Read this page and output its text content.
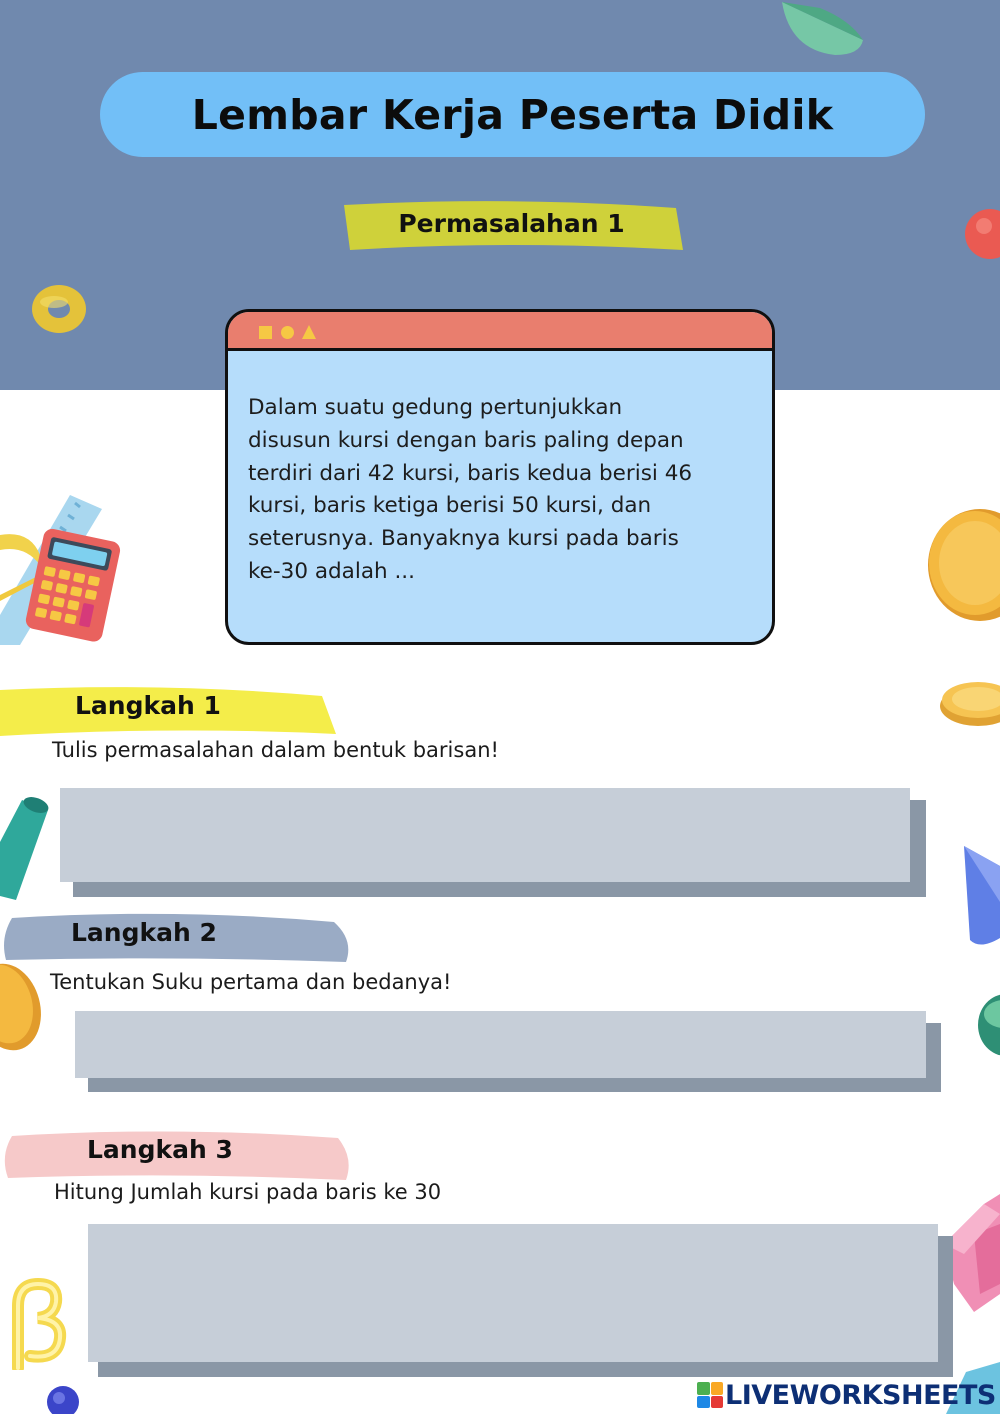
Lembar Kerja Peserta Didik
Permasalahan 1
Dalam suatu gedung pertunjukkan
disusun kursi dengan baris paling depan
terdiri dari 42 kursi, baris kedua berisi 46
kursi, baris ketiga berisi 50 kursi, dan
seterusnya. Banyaknya kursi pada baris
ke-30 adalah ...
Langkah 1
Tulis permasalahan dalam bentuk barisan!
Langkah 2
Tentukan Suku pertama dan bedanya!
Langkah 3
Hitung Jumlah kursi pada baris ke 30
LIVEWORKSHEETS
